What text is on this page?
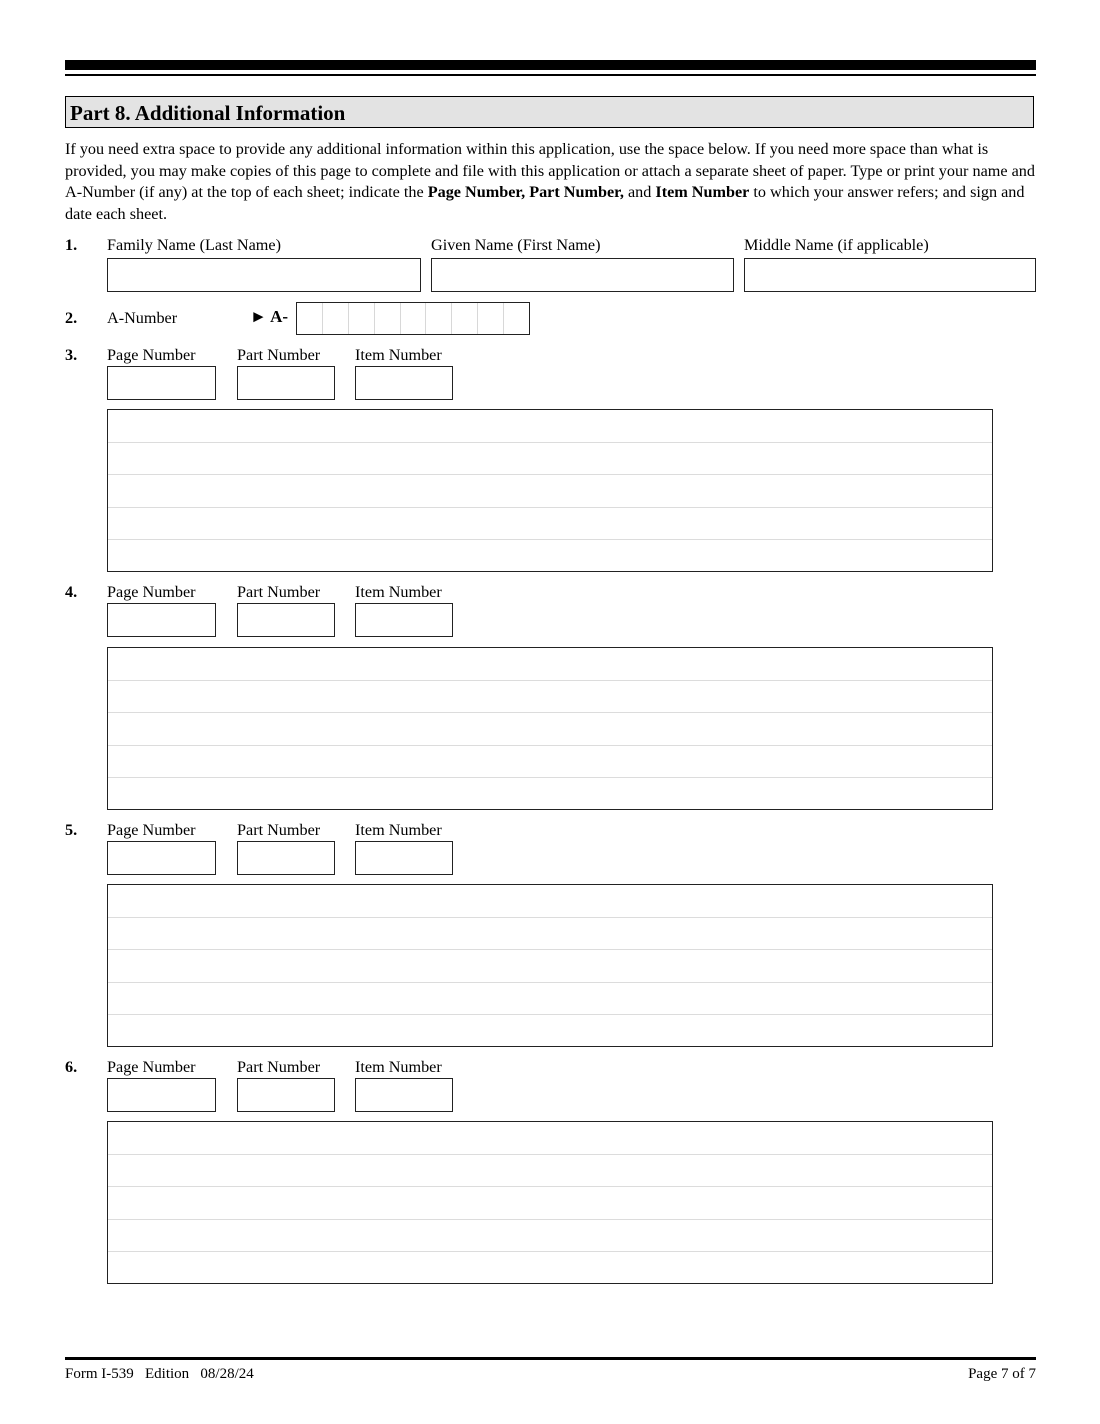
Part 8. Additional Information
If you need extra space to provide any additional information within this application, use the space below. If you need more space than what is provided, you may make copies of this page to complete and file with this application or attach a separate sheet of paper. Type or print your name and A-Number (if any) at the top of each sheet; indicate the Page Number, Part Number, and Item Number to which your answer refers; and sign and date each sheet.
1. Family Name (Last Name)	Given Name (First Name)	Middle Name (if applicable)
2. A-Number	► A-
3. Page Number	Part Number Item Number
4. Page Number	Part Number Item Number
5. Page Number	Part Number Item Number
6. Page Number	Part Number Item Number
Form I-539   Edition   08/28/24	Page 7 of 7
